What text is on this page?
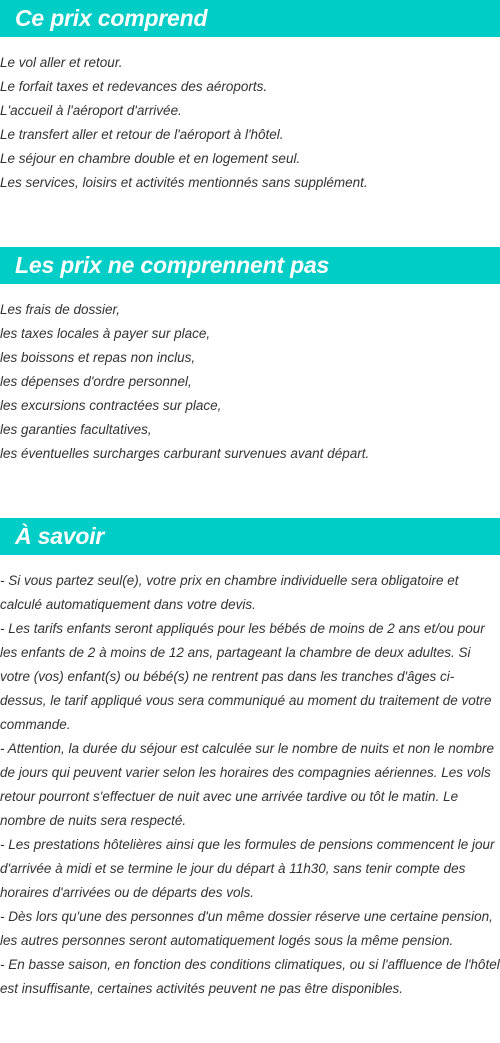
Ce prix comprend
Le vol aller et retour.
Le forfait taxes et redevances des aéroports.
L'accueil à l'aéroport d'arrivée.
Le transfert aller et retour de l'aéroport à l'hôtel.
Le séjour en chambre double et en logement seul.
Les services, loisirs et activités mentionnés sans supplément.
Les prix ne comprennent pas
Les frais de dossier,
les taxes locales à payer sur place,
les boissons et repas non inclus,
les dépenses d'ordre personnel,
les excursions contractées sur place,
les garanties facultatives,
les éventuelles surcharges carburant survenues avant départ.
À savoir
- Si vous partez seul(e), votre prix en chambre individuelle sera obligatoire et calculé automatiquement dans votre devis.
- Les tarifs enfants seront appliqués pour les bébés de moins de 2 ans et/ou pour les enfants de 2 à moins de 12 ans, partageant la chambre de deux adultes. Si votre (vos) enfant(s) ou bébé(s) ne rentrent pas dans les tranches d'âges ci-dessus, le tarif appliqué vous sera communiqué au moment du traitement de votre commande.
- Attention, la durée du séjour est calculée sur le nombre de nuits et non le nombre de jours qui peuvent varier selon les horaires des compagnies aériennes. Les vols retour pourront s'effectuer de nuit avec une arrivée tardive ou tôt le matin. Le nombre de nuits sera respecté.
- Les prestations hôtelières ainsi que les formules de pensions commencent le jour d'arrivée à midi et se termine le jour du départ à 11h30, sans tenir compte des horaires d'arrivées ou de départs des vols.
- Dès lors qu'une des personnes d'un même dossier réserve une certaine pension, les autres personnes seront automatiquement logés sous la même pension.
- En basse saison, en fonction des conditions climatiques, ou si l'affluence de l'hôtel est insuffisante, certaines activités peuvent ne pas être disponibles.
